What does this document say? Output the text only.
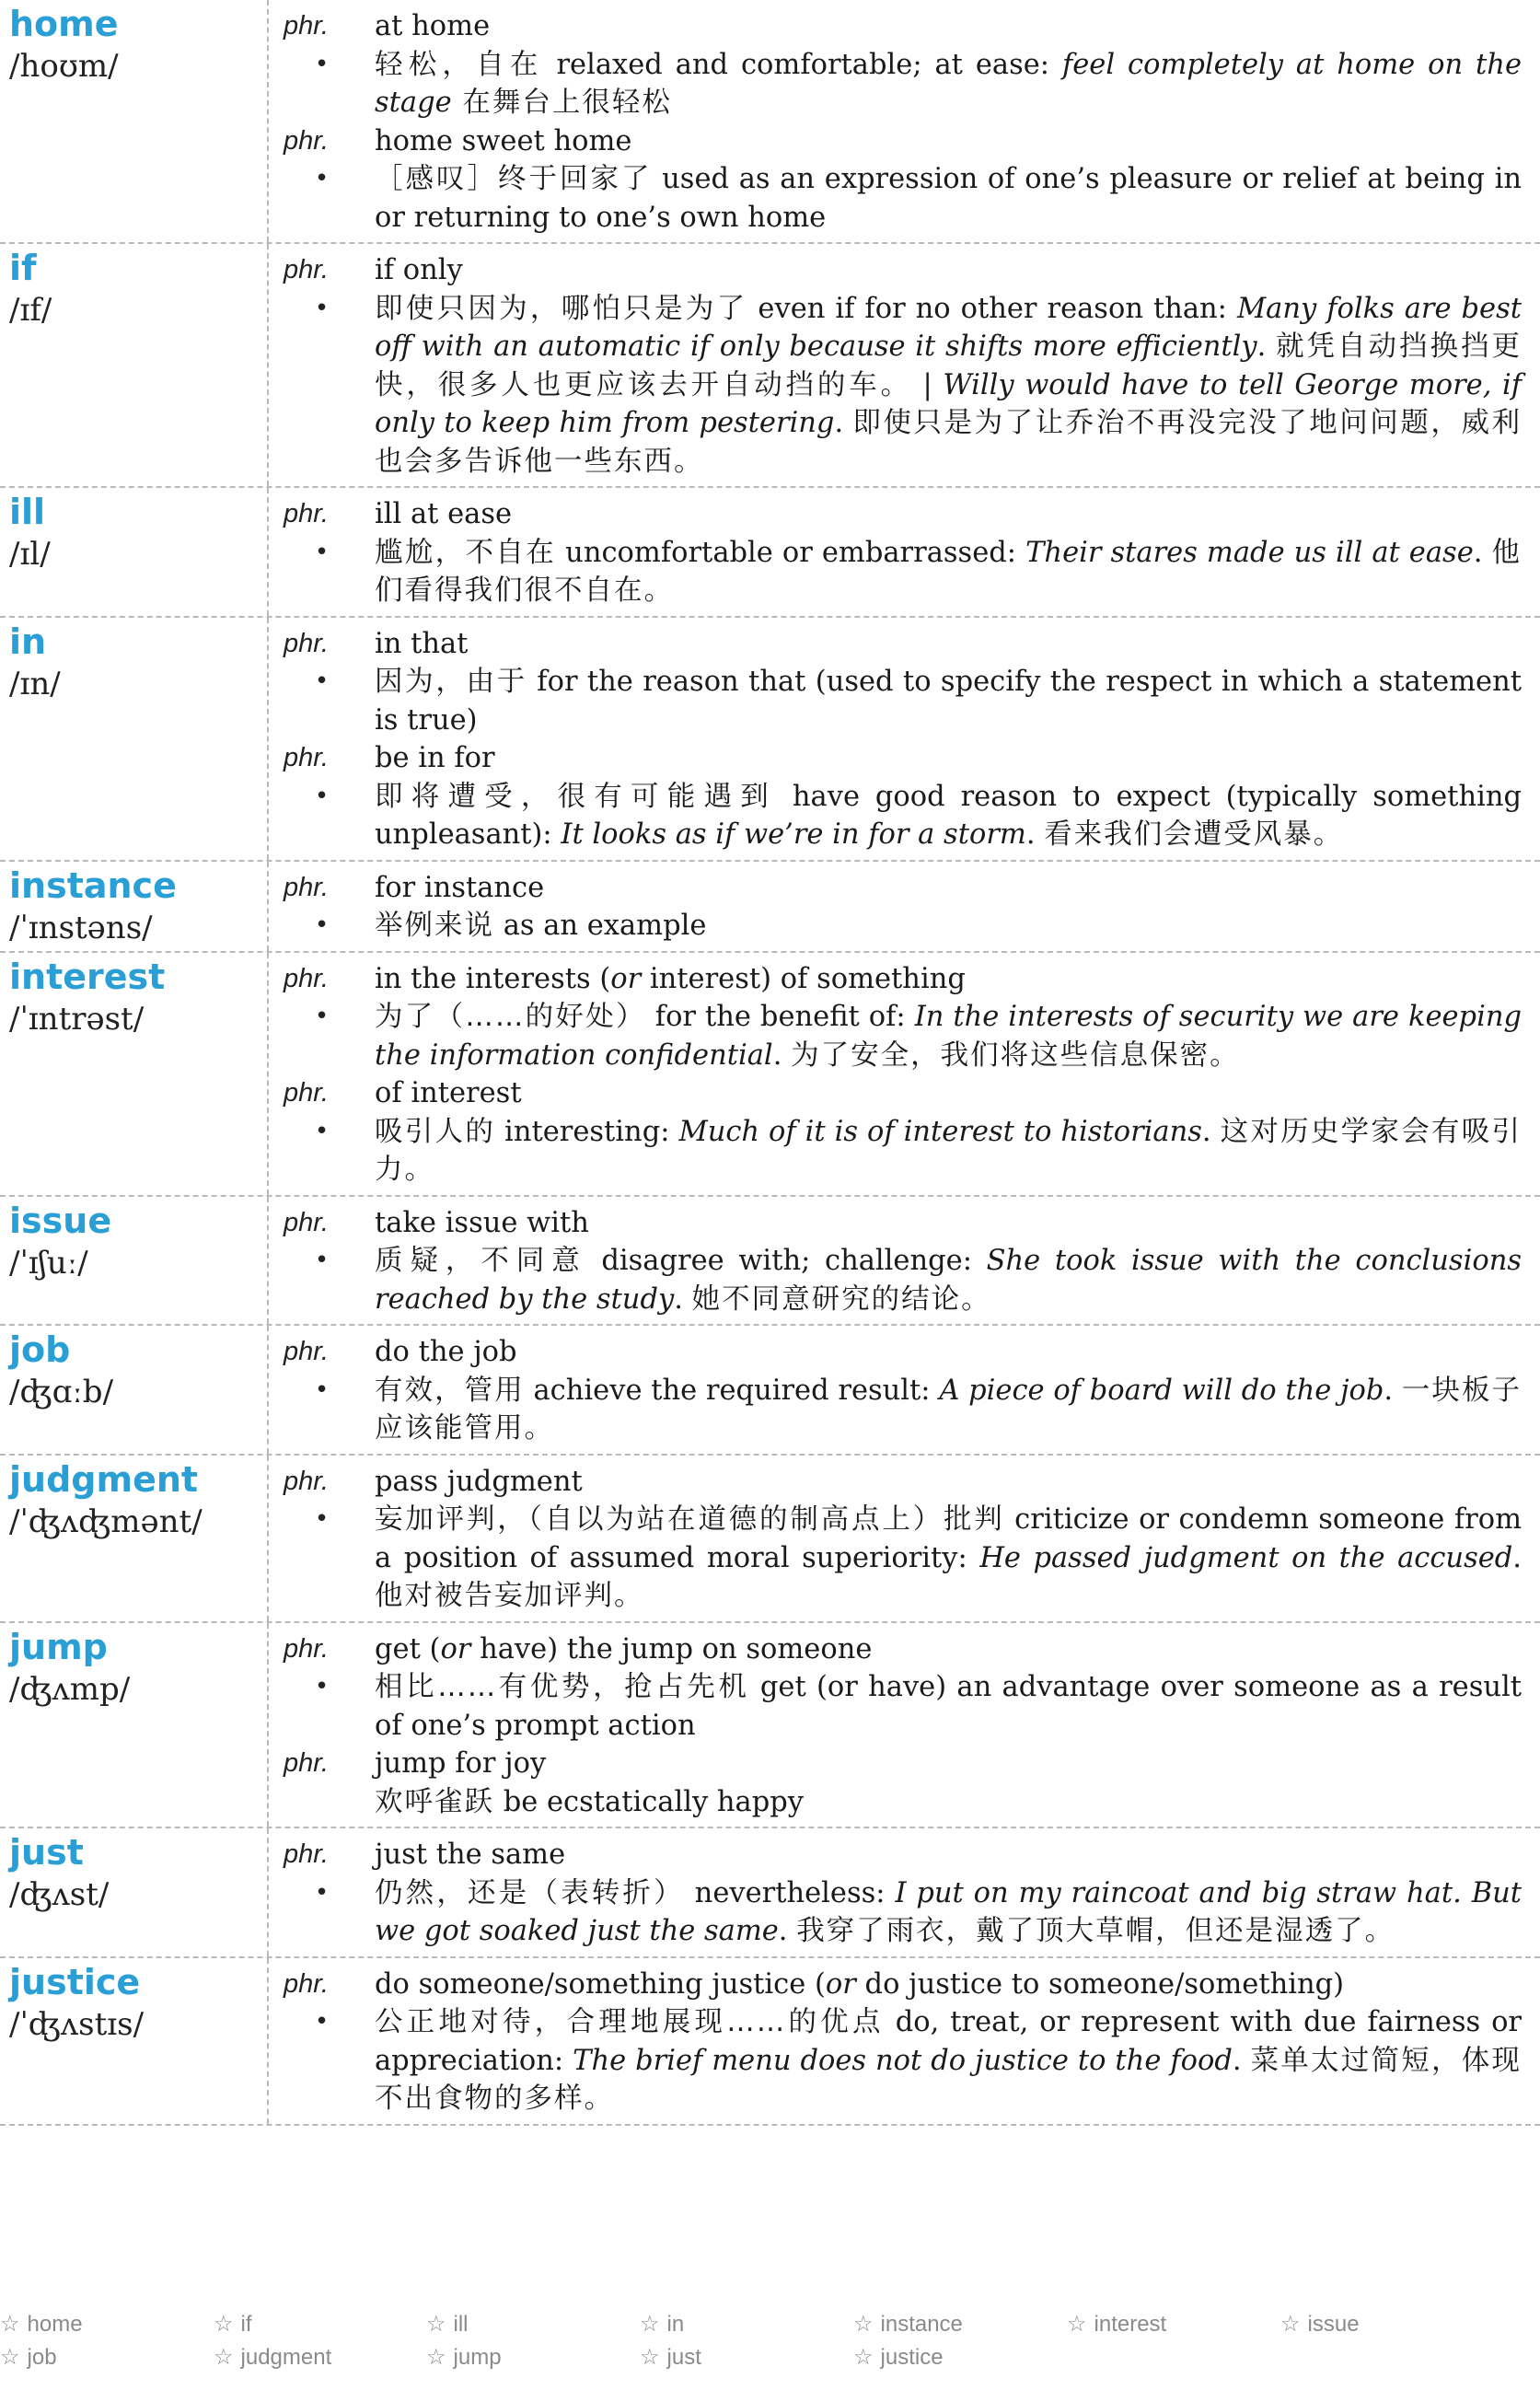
home
/hoʊm/
phr.	at home
•	轻松，自在 relaxed and comfortable; at ease: feel completely at home on the stage 在舞台上很轻松
phr.	home sweet home
•	［感叹］终于回家了 used as an expression of one’s pleasure or relief at being in or returning to one’s own home
if
/ɪf/
phr.	if only
•	即使只因为，哪怕只是为了 even if for no other reason than: Many folks are best off with an automatic if only because it shifts more efficiently. 就凭自动挡换挡更快，很多人也更应该去开自动挡的车。 | Willy would have to tell George more, if only to keep him from pestering. 即使只是为了让乔治不再没完没了地问问题，威利也会多告诉他一些东西。
ill
/ɪl/
phr.	ill at ease
•	尴尬，不自在 uncomfortable or embarrassed: Their stares made us ill at ease. 他们看得我们很不自在。
in
/ɪn/
phr.	in that
•	因为，由于 for the reason that (used to specify the respect in which a statement is true)
phr.	be in for
•	即将遭受，很有可能遇到 have good reason to expect (typically something unpleasant): It looks as if we’re in for a storm. 看来我们会遭受风暴。
instance
/ˈɪnstəns/
phr.	for instance
•	举例来说 as an example
interest
/ˈɪntrəst/
phr.	in the interests (or interest) of something
•	为了（……的好处） for the benefit of: In the interests of security we are keeping the information confidential. 为了安全，我们将这些信息保密。
phr.	of interest
•	吸引人的 interesting: Much of it is of interest to historians. 这对历史学家会有吸引力。
issue
/ˈɪʃuː/
phr.	take issue with
•	质疑，不同意 disagree with; challenge: She took issue with the conclusions reached by the study. 她不同意研究的结论。
job
/ʤɑːb/
phr.	do the job
•	有效，管用 achieve the required result: A piece of board will do the job. 一块板子应该能管用。
judgment
/ˈʤʌʤmənt/
phr.	pass judgment
•	妄加评判，（自以为站在道德的制高点上）批判 criticize or condemn someone from a position of assumed moral superiority: He passed judgment on the accused. 他对被告妄加评判。
jump
/ʤʌmp/
phr.	get (or have) the jump on someone
•	相比……有优势，抢占先机 get (or have) an advantage over someone as a result of one’s prompt action
phr.	jump for joy
欢呼雀跃 be ecstatically happy
just
/ʤʌst/
phr.	just the same
•	仍然，还是（表转折） nevertheless: I put on my raincoat and big straw hat. But we got soaked just the same. 我穿了雨衣，戴了顶大草帽，但还是湿透了。
justice
/ˈʤʌstɪs/
phr.	do someone/something justice (or do justice to someone/something)
•	公正地对待，合理地展现……的优点 do, treat, or represent with due fairness or appreciation: The brief menu does not do justice to the food. 菜单太过简短，体现不出食物的多样。
☆ home	☆ if	☆ ill	☆ in	☆ instance	☆ interest	☆ issue
☆ job	☆ judgment	☆ jump	☆ just	☆ justice
